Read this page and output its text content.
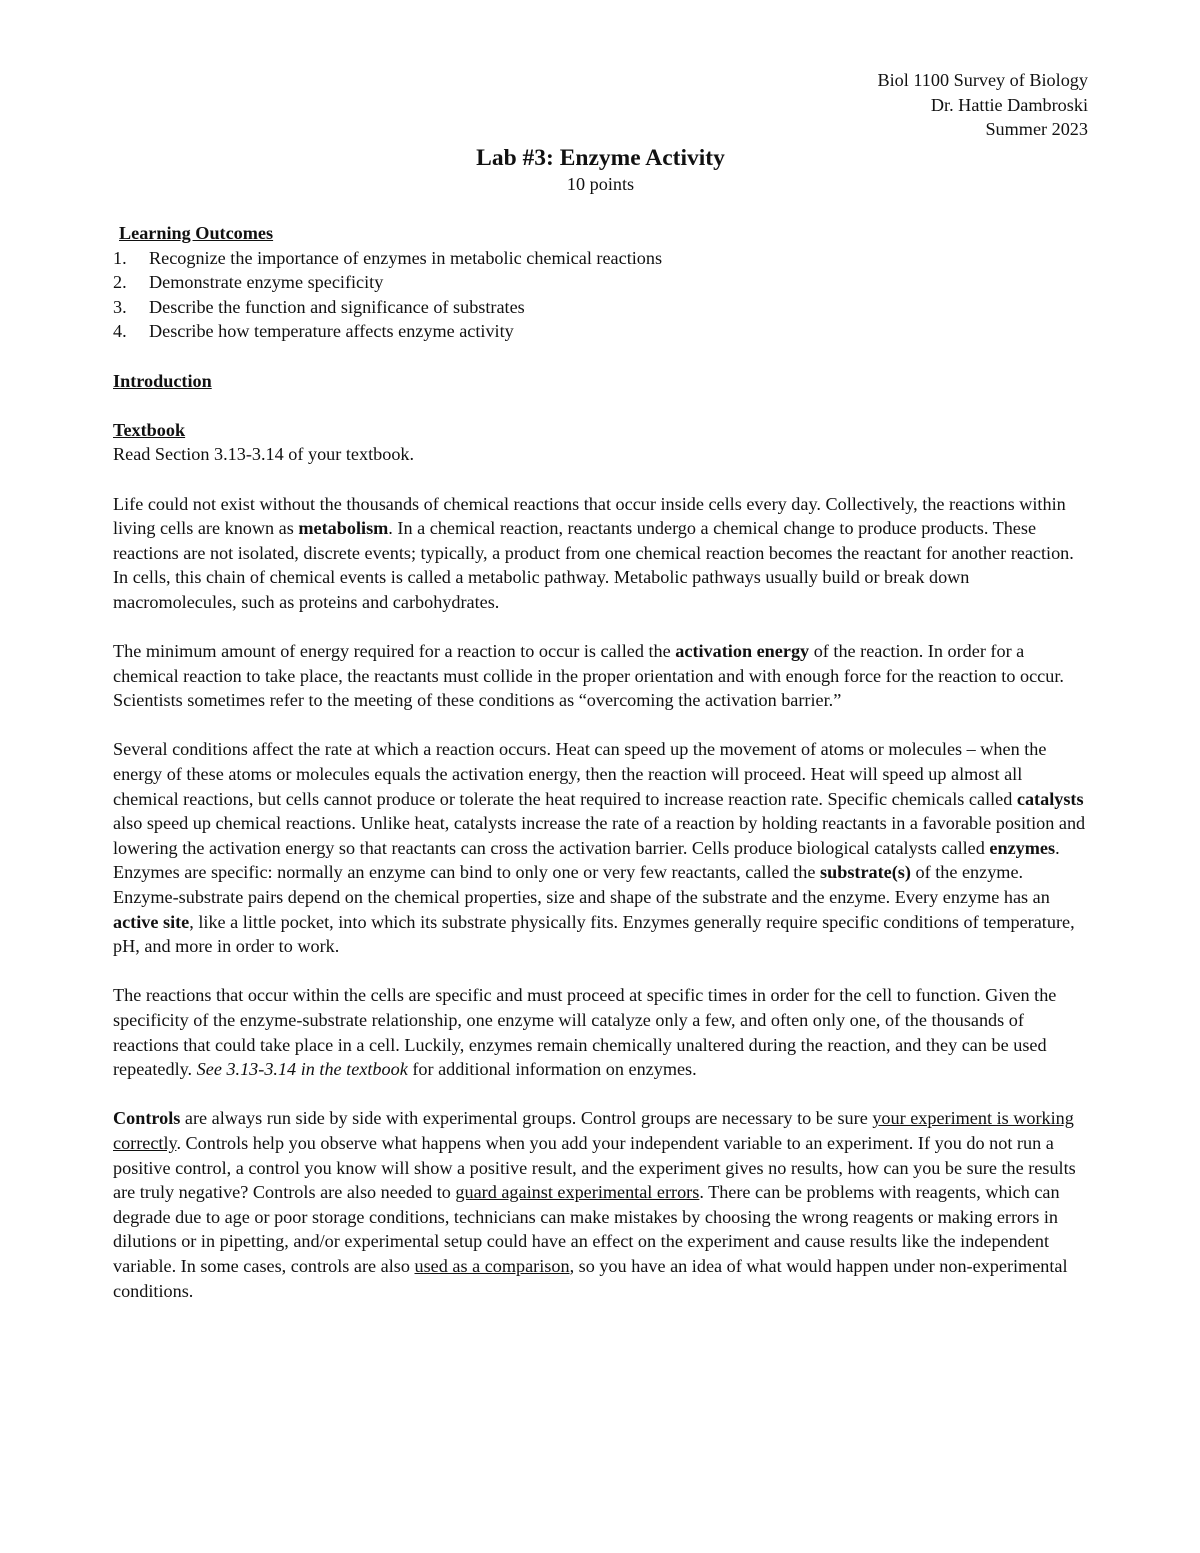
Biol 1100 Survey of Biology
Dr. Hattie Dambroski
Summer 2023
Lab #3: Enzyme Activity
10 points
Learning Outcomes
1.	Recognize the importance of enzymes in metabolic chemical reactions
2.	Demonstrate enzyme specificity
3.	Describe the function and significance of substrates
4.	Describe how temperature affects enzyme activity
Introduction
Textbook

Read Section 3.13-3.14 of your textbook.

Life could not exist without the thousands of chemical reactions that occur inside cells every day. Collectively, the reactions within living cells are known as metabolism. In a chemical reaction, reactants undergo a chemical change to produce products. These reactions are not isolated, discrete events; typically, a product from one chemical reaction becomes the reactant for another reaction. In cells, this chain of chemical events is called a metabolic pathway. Metabolic pathways usually build or break down macromolecules, such as proteins and carbohydrates.

The minimum amount of energy required for a reaction to occur is called the activation energy of the reaction. In order for a chemical reaction to take place, the reactants must collide in the proper orientation and with enough force for the reaction to occur. Scientists sometimes refer to the meeting of these conditions as “overcoming the activation barrier.”

Several conditions affect the rate at which a reaction occurs. Heat can speed up the movement of atoms or molecules – when the energy of these atoms or molecules equals the activation energy, then the reaction will proceed. Heat will speed up almost all chemical reactions, but cells cannot produce or tolerate the heat required to increase reaction rate. Specific chemicals called catalysts also speed up chemical reactions. Unlike heat, catalysts increase the rate of a reaction by holding reactants in a favorable position and lowering the activation energy so that reactants can cross the activation barrier. Cells produce biological catalysts called enzymes. Enzymes are specific: normally an enzyme can bind to only one or very few reactants, called the substrate(s) of the enzyme. Enzyme-substrate pairs depend on the chemical properties, size and shape of the substrate and the enzyme. Every enzyme has an active site, like a little pocket, into which its substrate physically fits. Enzymes generally require specific conditions of temperature, pH, and more in order to work.

The reactions that occur within the cells are specific and must proceed at specific times in order for the cell to function. Given the specificity of the enzyme-substrate relationship, one enzyme will catalyze only a few, and often only one, of the thousands of reactions that could take place in a cell. Luckily, enzymes remain chemically unaltered during the reaction, and they can be used repeatedly. See 3.13-3.14 in the textbook for additional information on enzymes.

Controls are always run side by side with experimental groups. Control groups are necessary to be sure your experiment is working correctly. Controls help you observe what happens when you add your independent variable to an experiment. If you do not run a positive control, a control you know will show a positive result, and the experiment gives no results, how can you be sure the results are truly negative? Controls are also needed to guard against experimental errors. There can be problems with reagents, which can degrade due to age or poor storage conditions, technicians can make mistakes by choosing the wrong reagents or making errors in dilutions or in pipetting, and/or experimental setup could have an effect on the experiment and cause results like the independent variable. In some cases, controls are also used as a comparison, so you have an idea of what would happen under non-experimental conditions.
